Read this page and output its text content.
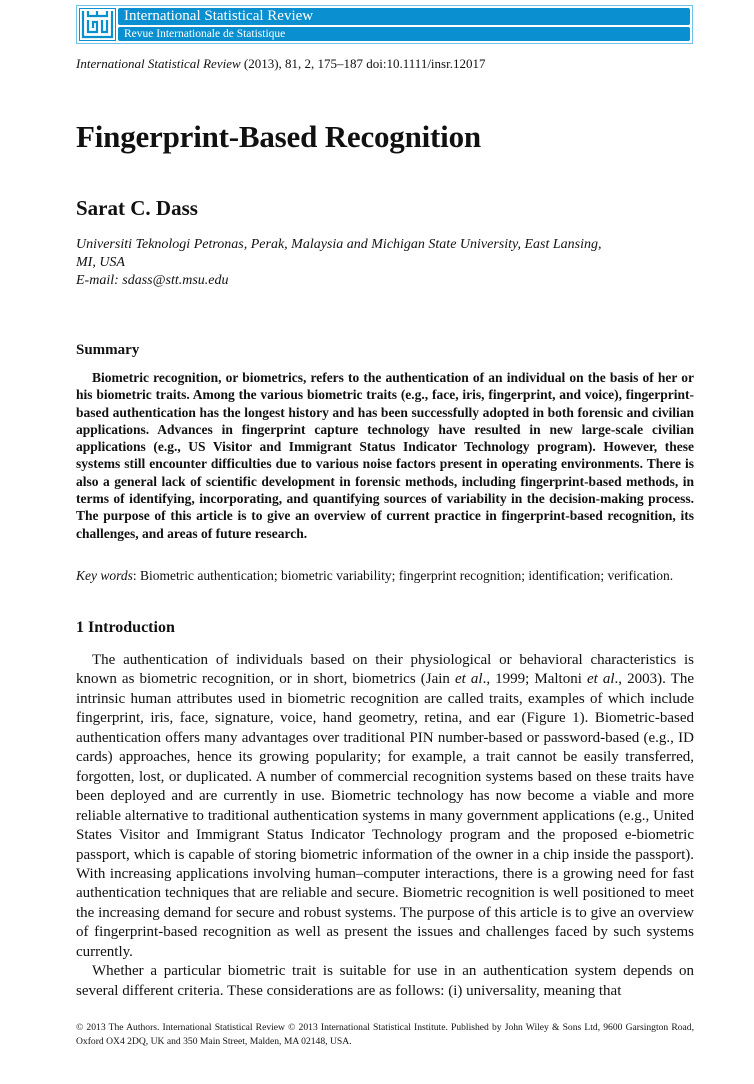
International Statistical Review
Revue Internationale de Statistique
International Statistical Review (2013), 81, 2, 175–187 doi:10.1111/insr.12017
Fingerprint-Based Recognition
Sarat C. Dass
Universiti Teknologi Petronas, Perak, Malaysia and Michigan State University, East Lansing,
MI, USA
E-mail: sdass@stt.msu.edu
Summary

Biometric recognition, or biometrics, refers to the authentication of an individual on the basis of her or his biometric traits. Among the various biometric traits (e.g., face, iris, fingerprint, and voice), fingerprint-based authentication has the longest history and has been successfully adopted in both forensic and civilian applications. Advances in fingerprint capture technology have resulted in new large-scale civilian applications (e.g., US Visitor and Immigrant Status Indicator Technology program). However, these systems still encounter difficulties due to various noise factors present in operating environments. There is also a general lack of scientific development in forensic methods, including fingerprint-based methods, in terms of identifying, incorporating, and quantifying sources of variability in the decision-making process. The purpose of this article is to give an overview of current practice in fingerprint-based recognition, its challenges, and areas of future research.

Key words: Biometric authentication; biometric variability; fingerprint recognition; identification; verification.

1 Introduction

The authentication of individuals based on their physiological or behavioral characteristics is known as biometric recognition, or in short, biometrics (Jain et al., 1999; Maltoni et al., 2003). The intrinsic human attributes used in biometric recognition are called traits, examples of which include fingerprint, iris, face, signature, voice, hand geometry, retina, and ear (Figure 1). Biometric-based authentication offers many advantages over traditional PIN number-based or password-based (e.g., ID cards) approaches, hence its growing popularity; for example, a trait cannot be easily transferred, forgotten, lost, or duplicated. A number of commercial recognition systems based on these traits have been deployed and are currently in use. Biometric technology has now become a viable and more reliable alternative to traditional authentication systems in many government applications (e.g., United States Visitor and Immigrant Status Indicator Technology program and the proposed e-biometric passport, which is capable of storing biometric information of the owner in a chip inside the passport). With increasing applications involving human–computer interactions, there is a growing need for fast authentication techniques that are reliable and secure. Biometric recognition is well positioned to meet the increasing demand for secure and robust systems. The purpose of this article is to give an overview of fingerprint-based recognition as well as present the issues and challenges faced by such systems currently.

Whether a particular biometric trait is suitable for use in an authentication system depends on several different criteria. These considerations are as follows: (i) universality, meaning that

© 2013 The Authors. International Statistical Review © 2013 International Statistical Institute. Published by John Wiley & Sons Ltd, 9600 Garsington Road, Oxford OX4 2DQ, UK and 350 Main Street, Malden, MA 02148, USA.
